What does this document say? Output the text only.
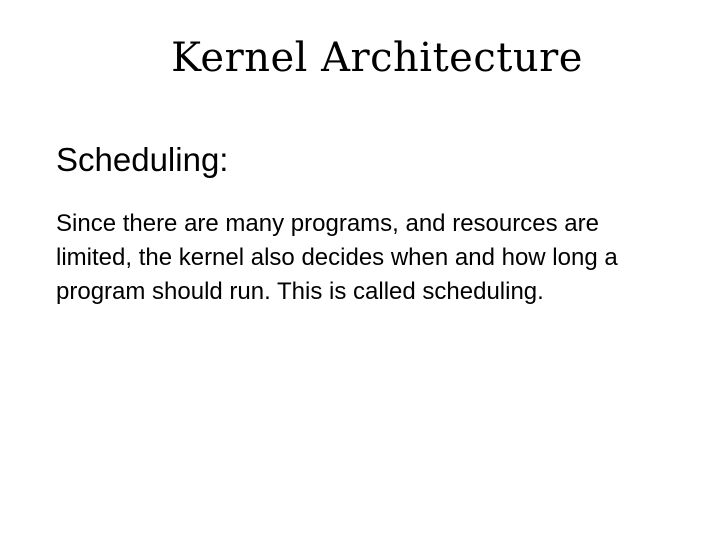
Kernel Architecture
Scheduling:

Since there are many programs, and resources are limited, the kernel also decides when and how long a program should run. This is called scheduling.
